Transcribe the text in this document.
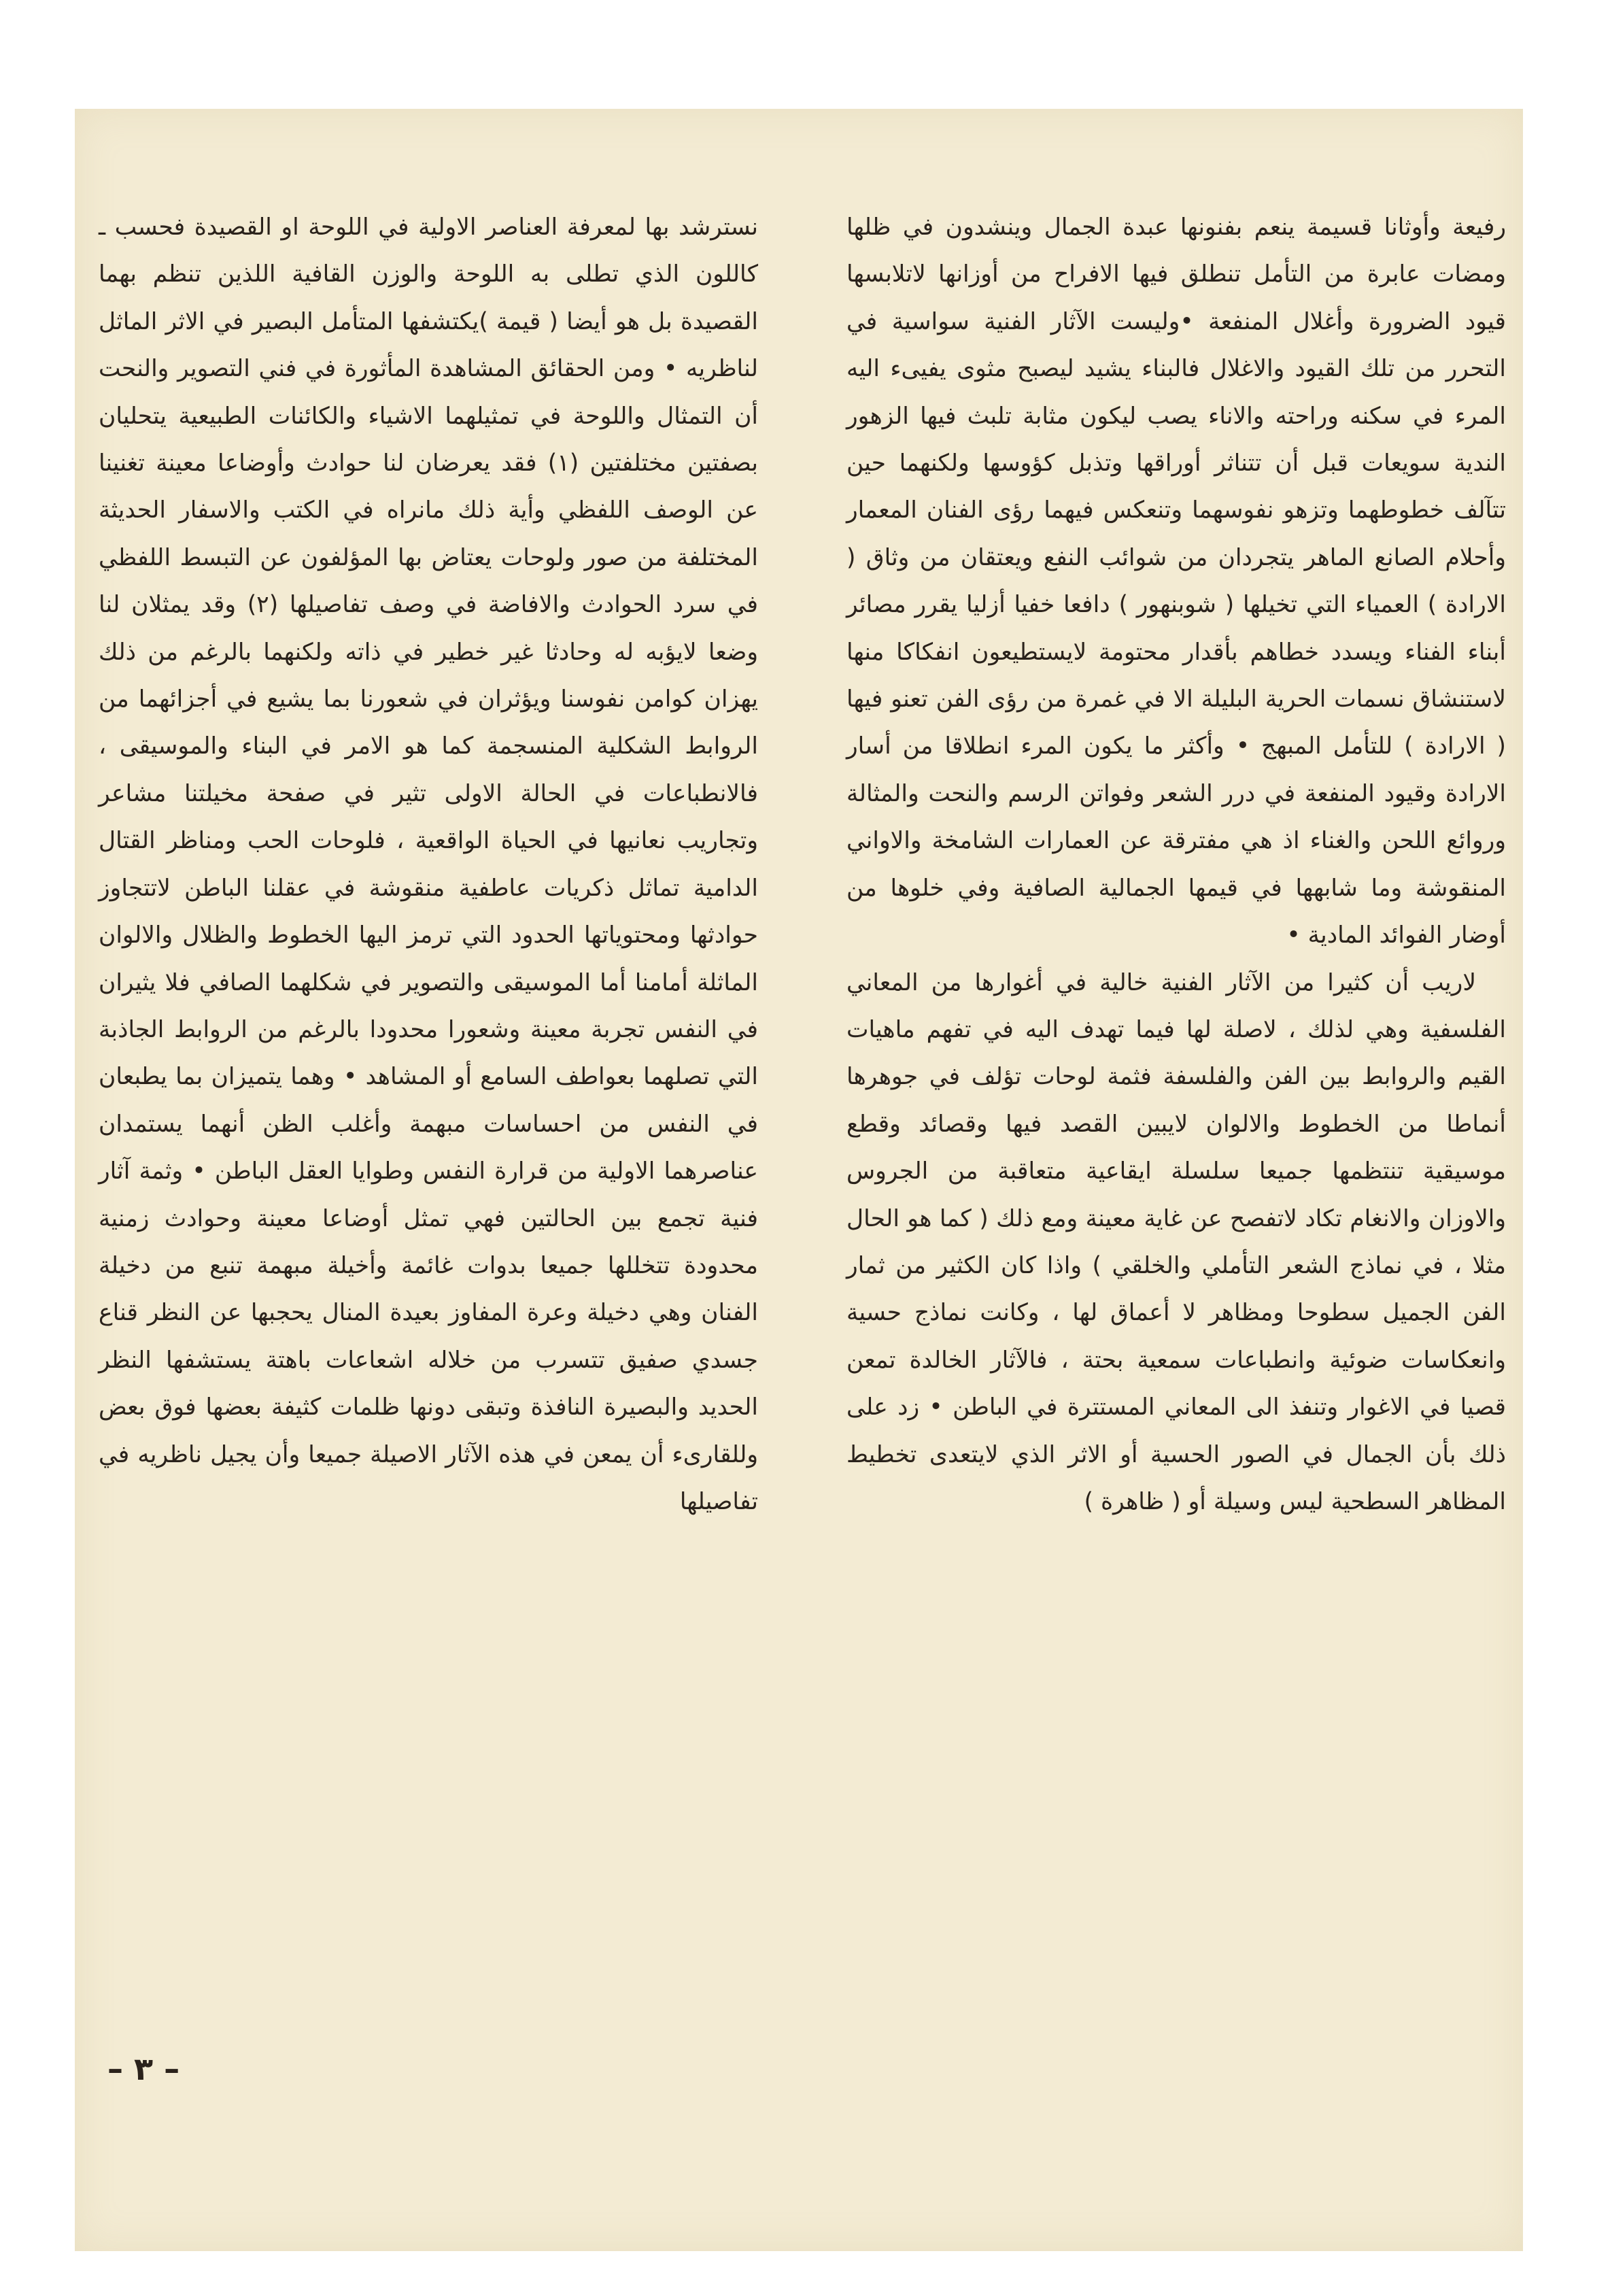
رفيعة وأوثانا قسيمة ينعم بفنونها عبدة الجمال وينشدون في ظلها ومضات عابرة من التأمل تنطلق فيها الافراح من أوزانها لاتلابسها قيود الضرورة وأغلال المنفعة •وليست الآثار الفنية سواسية في التحرر من تلك القيود والاغلال فالبناء يشيد ليصبح مثوى يفيىء اليه المرء في سكنه وراحته والاناء يصب ليكون مثابة تلبث فيها الزهور الندية سويعات قبل أن تتناثر أوراقها وتذبل كؤوسها ولكنهما حين تتآلف خطوطهما وتزهو نفوسهما وتنعكس فيهما رؤى الفنان المعمار وأحلام الصانع الماهر يتجردان من شوائب النفع ويعتقان من وثاق ( الارادة ) العمياء التي تخيلها ( شوبنهور ) دافعا خفيا أزليا يقرر مصائر أبناء الفناء ويسدد خطاهم بأقدار محتومة لايستطيعون انفكاكا منها لاستنشاق نسمات الحرية البليلة الا في غمرة من رؤى الفن تعنو فيها ( الارادة ) للتأمل المبهج • وأكثر ما يكون المرء انطلاقا من أسار الارادة وقيود المنفعة في درر الشعر وفواتن الرسم والنحت والمثالة وروائع اللحن والغناء اذ هي مفترقة عن العمارات الشامخة والاواني المنقوشة وما شابهها في قيمها الجمالية الصافية وفي خلوها من أوضار الفوائد المادية •

لاريب أن كثيرا من الآثار الفنية خالية في أغوارها من المعاني الفلسفية وهي لذلك ، لاصلة لها فيما تهدف اليه في تفهم ماهيات القيم والروابط بين الفن والفلسفة فثمة لوحات تؤلف في جوهرها أنماطا من الخطوط والالوان لايبين القصد فيها وقصائد وقطع موسيقية تنتظمها جميعا سلسلة ايقاعية متعاقبة من الجروس والاوزان والانغام تكاد لاتفصح عن غاية معينة ومع ذلك ( كما هو الحال مثلا ، في نماذج الشعر التأملي والخلقي ) واذا كان الكثير من ثمار الفن الجميل سطوحا ومظاهر لا أعماق لها ، وكانت نماذج حسية وانعكاسات ضوئية وانطباعات سمعية بحتة ، فالآثار الخالدة تمعن قصيا في الاغوار وتنفذ الى المعاني المستترة في الباطن • زد على ذلك بأن الجمال في الصور الحسية أو الاثر الذي لايتعدى تخطيط المظاهر السطحية ليس وسيلة أو ( ظاهرة )

نسترشد بها لمعرفة العناصر الاولية في اللوحة او القصيدة فحسب ـ كاللون الذي تطلى به اللوحة والوزن القافية اللذين تنظم بهما القصيدة بل هو أيضا ( قيمة )يكتشفها المتأمل البصير في الاثر الماثل لناظريه • ومن الحقائق المشاهدة المأثورة في فني التصوير والنحت أن التمثال واللوحة في تمثيلهما الاشياء والكائنات الطبيعية يتحليان بصفتين مختلفتين (١) فقد يعرضان لنا حوادث وأوضاعا معينة تغنينا عن الوصف اللفظي وأية ذلك مانراه في الكتب والاسفار الحديثة المختلفة من صور ولوحات يعتاض بها المؤلفون عن التبسط اللفظي في سرد الحوادث والافاضة في وصف تفاصيلها (٢) وقد يمثلان لنا وضعا لايؤبه له وحادثا غير خطير في ذاته ولكنهما بالرغم من ذلك يهزان كوامن نفوسنا ويؤثران في شعورنا بما يشيع في أجزائهما من الروابط الشكلية المنسجمة كما هو الامر في البناء والموسيقى ، فالانطباعات في الحالة الاولى تثير في صفحة مخيلتنا مشاعر وتجاريب نعانيها في الحياة الواقعية ، فلوحات الحب ومناظر القتال الدامية تماثل ذكريات عاطفية منقوشة في عقلنا الباطن لاتتجاوز حوادثها ومحتوياتها الحدود التي ترمز اليها الخطوط والظلال والالوان الماثلة أمامنا أما الموسيقى والتصوير في شكلهما الصافي فلا يثيران في النفس تجربة معينة وشعورا محدودا بالرغم من الروابط الجاذبة التي تصلهما بعواطف السامع أو المشاهد • وهما يتميزان بما يطبعان في النفس من احساسات مبهمة وأغلب الظن أنهما يستمدان عناصرهما الاولية من قرارة النفس وطوايا العقل الباطن • وثمة آثار فنية تجمع بين الحالتين فهي تمثل أوضاعا معينة وحوادث زمنية محدودة تتخللها جميعا بدوات غائمة وأخيلة مبهمة تنبع من دخيلة الفنان وهي دخيلة وعرة المفاوز بعيدة المنال يحجبها عن النظر قناع جسدي صفيق تتسرب من خلاله اشعاعات باهتة يستشفها النظر الحديد والبصيرة النافذة وتبقى دونها ظلمات كثيفة بعضها فوق بعض وللقارىء أن يمعن في هذه الآثار الاصيلة جميعا وأن يجيل ناظريه في تفاصيلها

– ٣ –
